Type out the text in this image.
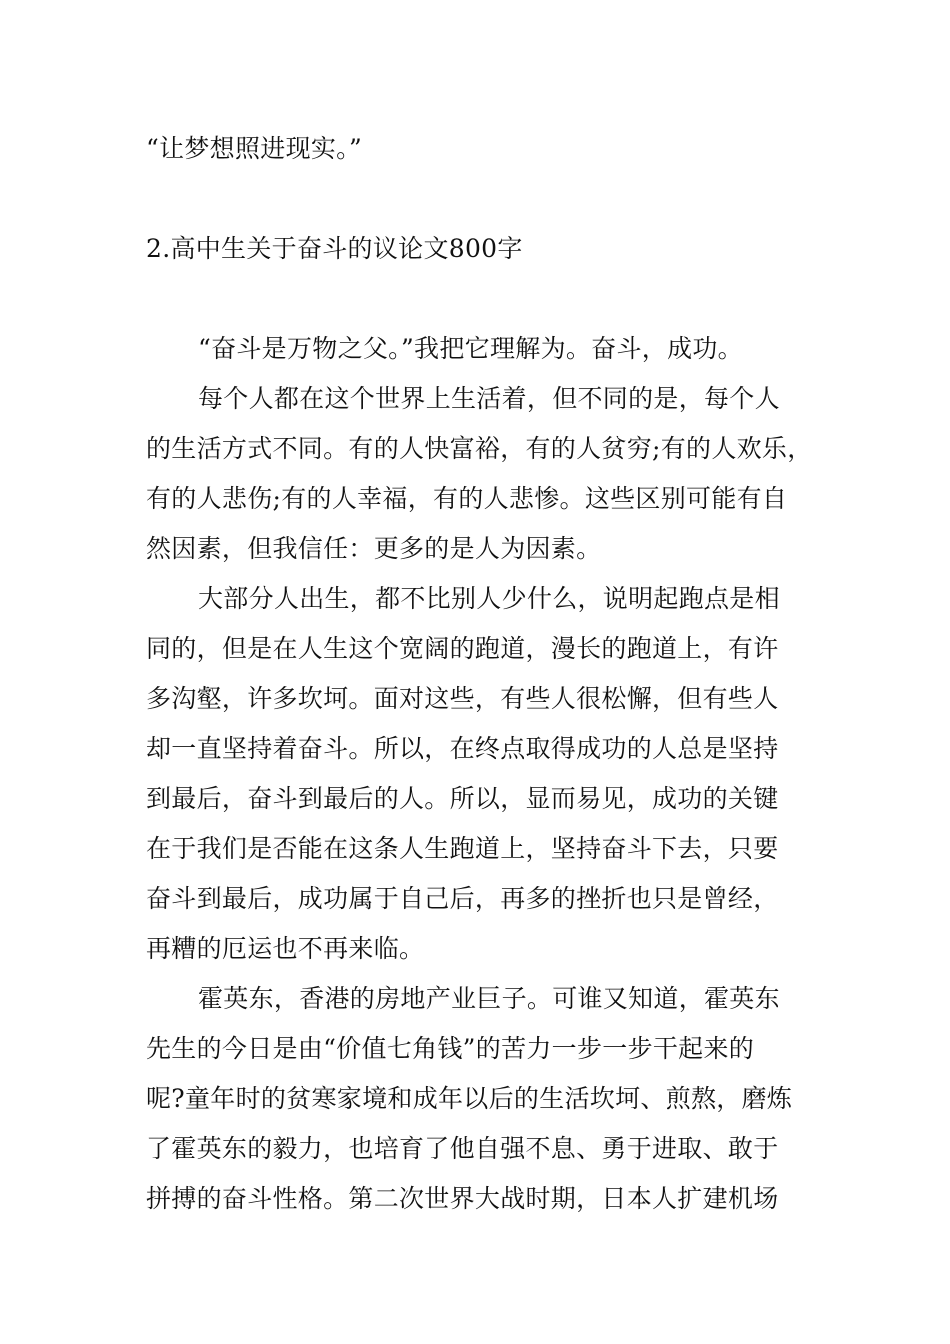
“让梦想照进现实。”
2.高中生关于奋斗的议论文800字
“奋斗是万物之父。”我把它理解为。奋斗，成功。
每个人都在这个世界上生活着，但不同的是，每个人
的生活方式不同。有的人快富裕，有的人贫穷;有的人欢乐，
有的人悲伤;有的人幸福，有的人悲惨。这些区别可能有自
然因素，但我信任：更多的是人为因素。
大部分人出生，都不比别人少什么，说明起跑点是相
同的，但是在人生这个宽阔的跑道，漫长的跑道上，有许
多沟壑，许多坎坷。面对这些，有些人很松懈，但有些人
却一直坚持着奋斗。所以，在终点取得成功的人总是坚持
到最后，奋斗到最后的人。所以，显而易见，成功的关键
在于我们是否能在这条人生跑道上，坚持奋斗下去，只要
奋斗到最后，成功属于自己后，再多的挫折也只是曾经，
再糟的厄运也不再来临。
霍英东，香港的房地产业巨子。可谁又知道，霍英东
先生的今日是由“价值七角钱”的苦力一步一步干起来的
呢?童年时的贫寒家境和成年以后的生活坎坷、煎熬，磨炼
了霍英东的毅力，也培育了他自强不息、勇于进取、敢于
拼搏的奋斗性格。第二次世界大战时期，日本人扩建机场
